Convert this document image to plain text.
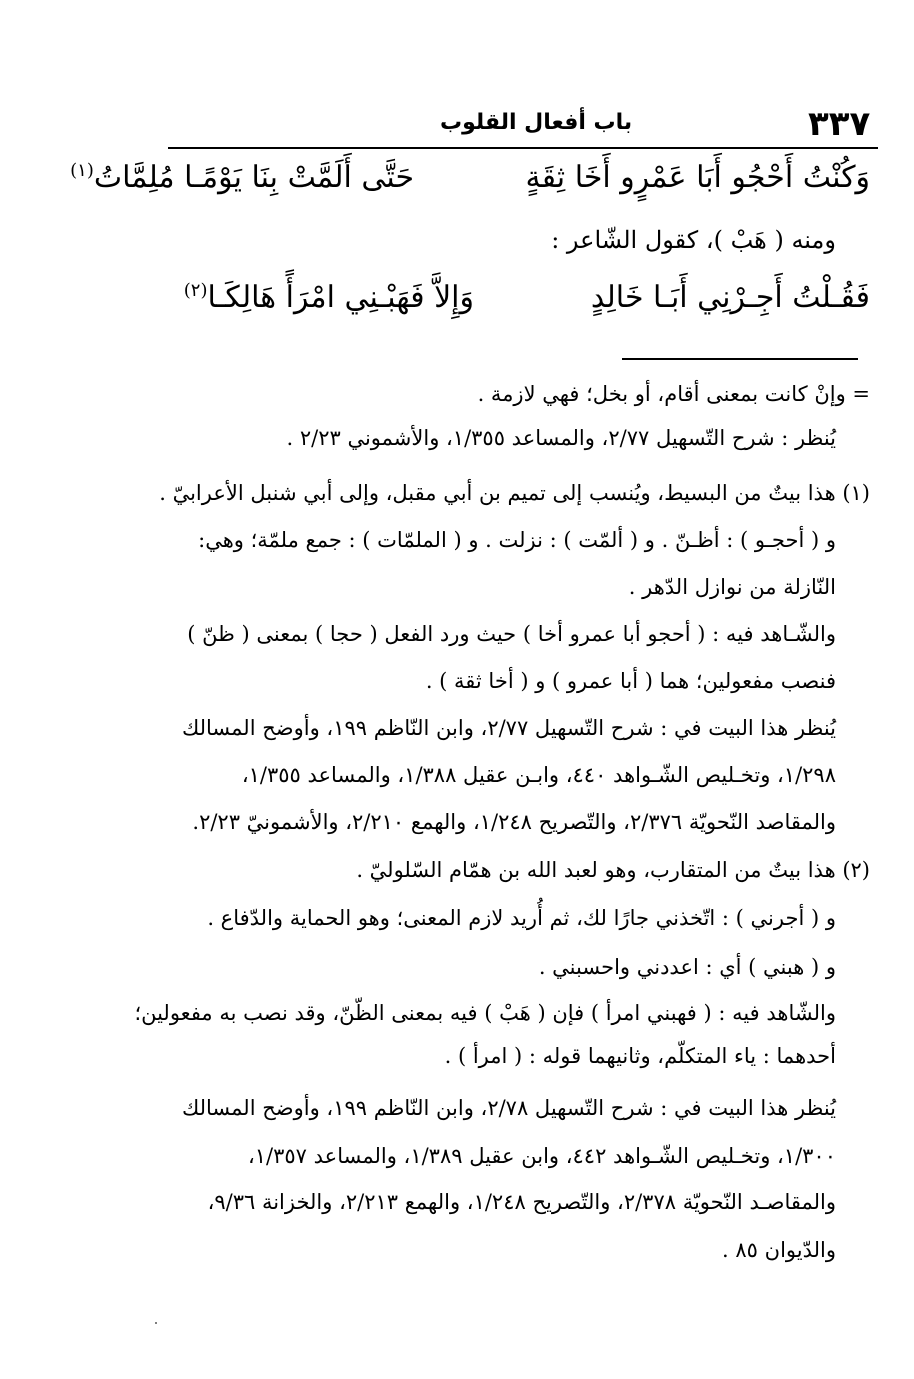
٣٣٧
باب أفعال القلوب
وَكُنْتُ أَحْجُو أَبَا عَمْرٍو أَخَا ثِقَةٍ
حَتَّى أَلَمَّتْ بِنَا يَوْمًـا مُلِمَّاتُ$^{(١)}$
ومنه ( هَبْ )، كقول الشّاعر :
فَقُـلْتُ أَجِـرْنِي أَبَـا خَالِدٍ
وَإِلاَّ فَهَبْـنِي امْرَأً هَالِكَـا$^{(٢)}$
= وإنْ كانت بمعنى أقام، أو بخل؛ فهي لازمة .
يُنظر : شرح التّسهيل ٢/٧٧، والمساعد ١/٣٥٥، والأشموني ٢/٢٣ .
(١) هذا بيتٌ من البسيط، ويُنسب إلى تميم بن أبي مقبل، وإلى أبي شنبل الأعرابيّ .
و ( أحجـو ) : أظـنّ . و ( ألمّت ) : نزلت . و ( الملمّات ) : جمع ملمّة؛ وهي:
النّازلة من نوازل الدّهر .
والشّـاهد فيه : ( أحجو أبا عمرو أخا ) حيث ورد الفعل ( حجا ) بمعنى ( ظنّ )
فنصب مفعولين؛ هما ( أبا عمرو ) و ( أخا ثقة ) .
يُنظر هذا البيت في : شرح التّسهيل ٢/٧٧، وابن النّاظم ١٩٩، وأوضح المسالك
١/٢٩٨، وتخـليص الشّـواهد ٤٤٠، وابـن عقيل ١/٣٨٨، والمساعد ١/٣٥٥،
والمقاصد النّحويّة ٢/٣٧٦، والتّصريح ١/٢٤٨، والهمع ٢/٢١٠، والأشمونيّ ٢/٢٣.
(٢) هذا بيتٌ من المتقارب، وهو لعبد الله بن همّام السّلوليّ .
و ( أجرني ) : اتّخذني جارًا لك، ثم أُريد لازم المعنى؛ وهو الحماية والدّفاع .
و ( هبني ) أي : اعددني واحسبني .
والشّاهد فيه : ( فهبني امرأ ) فإن ( هَبْ ) فيه بمعنى الظّنّ، وقد نصب به مفعولين؛
أحدهما : ياء المتكلّم، وثانيهما قوله : ( امرأ ) .
يُنظر هذا البيت في : شرح التّسهيل ٢/٧٨، وابن النّاظم ١٩٩، وأوضح المسالك
١/٣٠٠، وتخـليص الشّـواهد ٤٤٢، وابن عقيل ١/٣٨٩، والمساعد ١/٣٥٧،
والمقاصـد النّحويّة ٢/٣٧٨، والتّصريح ١/٢٤٨، والهمع ٢/٢١٣، والخزانة ٩/٣٦،
والدّيوان ٨٥ .
